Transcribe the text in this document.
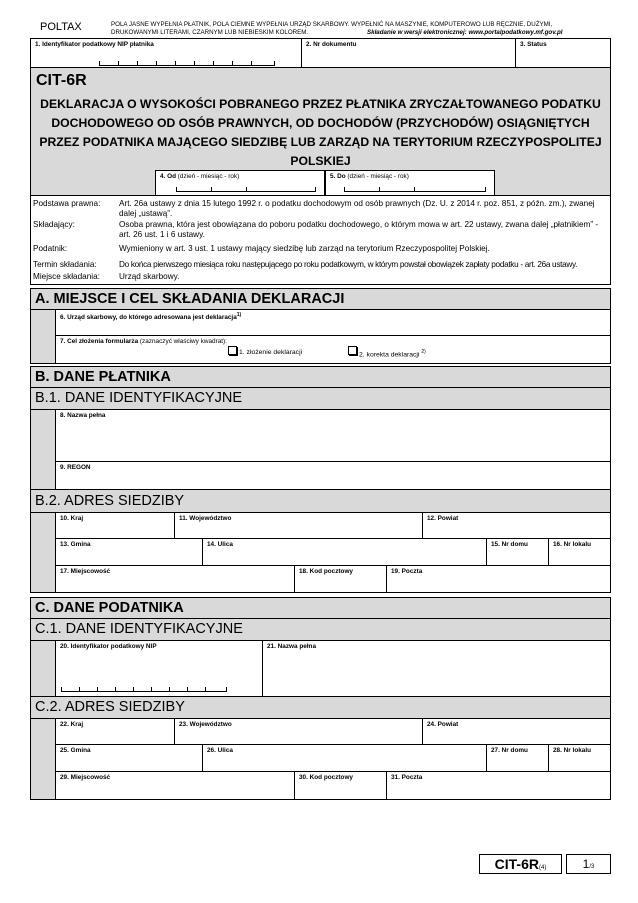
POLTAX	POLA JASNE WYPEŁNIA PŁATNIK, POLA CIEMNE WYPEŁNIA URZĄD SKARBOWY. WYPEŁNIĆ NA MASZYNIE, KOMPUTEROWO LUB RĘCZNIE, DUŻYMI,
DRUKOWANYMI LITERAMI, CZARNYM LUB NIEBIESKIM KOLOREM.	Składanie w wersji elektronicznej: www.portalpodatkowy.mf.gov.pl
1. Identyfikator podatkowy NIP płatnika	2. Nr dokumentu	3. Status
CIT-6R
DEKLARACJA O WYSOKOŚCI POBRANEGO PRZEZ PŁATNIKA ZRYCZAŁTOWANEGO PODATKU DOCHODOWEGO OD OSÓB PRAWNYCH, OD DOCHODÓW (PRZYCHODÓW) OSIĄGNIĘTYCH PRZEZ PODATNIKA MAJĄCEGO SIEDZIBĘ LUB ZARZĄD NA TERYTORIUM RZECZYPOSPOLITEJ POLSKIEJ
4. Od (dzień - miesiąc - rok)	5. Do (dzień - miesiąc - rok)
Podstawa prawna:	Art. 26a ustawy z dnia 15 lutego 1992 r. o podatku dochodowym od osób prawnych (Dz. U. z 2014 r. poz. 851, z późn. zm.), zwanej dalej „ustawą”.
Składający:	Osoba prawna, która jest obowiązana do poboru podatku dochodowego, o którym mowa w art. 22 ustawy, zwana dalej „płatnikiem” - art. 26 ust. 1 i 6 ustawy.
Podatnik:	Wymieniony w art. 3 ust. 1 ustawy mający siedzibę lub zarząd na terytorium Rzeczypospolitej Polskiej.
Termin składania:	Do końca pierwszego miesiąca roku następującego po roku podatkowym, w którym powstał obowiązek zapłaty podatku - art. 26a ustawy.
Miejsce składania:	Urząd skarbowy.
A. MIEJSCE I CEL SKŁADANIA DEKLARACJI
6. Urząd skarbowy, do którego adresowana jest deklaracja$^{1)}$
7. Cel złożenia formularza (zaznaczyć właściwy kwadrat):
1. złożenie deklaracji	2. korekta deklaracji $^{2)}$
B. DANE PŁATNIKA
B.1. DANE IDENTYFIKACYJNE
8. Nazwa pełna
9. REGON
B.2. ADRES SIEDZIBY
10. Kraj	11. Województwo	12. Powiat
13. Gmina	14. Ulica	15. Nr domu	16. Nr lokalu
17. Miejscowość	18. Kod pocztowy	19. Poczta
C. DANE PODATNIKA
C.1. DANE IDENTYFIKACYJNE
20. Identyfikator podatkowy NIP	21. Nazwa pełna
C.2. ADRES SIEDZIBY
22. Kraj	23. Województwo	24. Powiat
25. Gmina	26. Ulica	27. Nr domu	28. Nr lokalu
29. Miejscowość	30. Kod pocztowy	31. Poczta
CIT-6R(4)	1/3
